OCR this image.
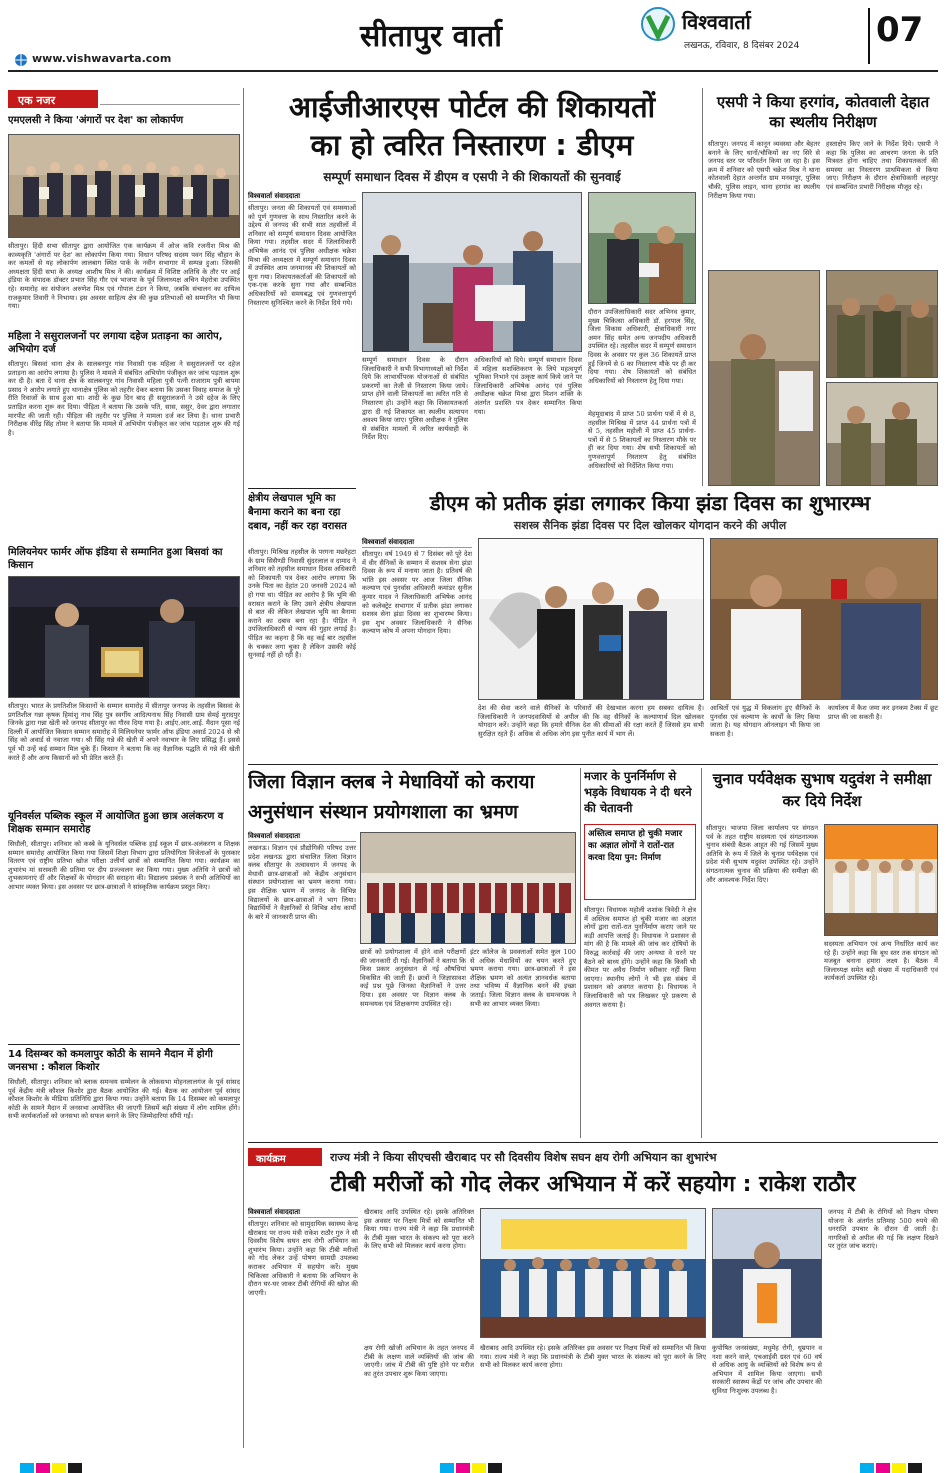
सीतापुर वार्ता	विश्ववार्ता
लखनऊ, रविवार, 8 दिसंबर 2024 07
www.vishwavarta.com
एक नजर
एमएलसी ने किया 'अंगारों पर देश' का लोकार्पण
सीतापुर। हिंदी सभा सीतापुर द्वारा आयोजित एक कार्यक्रम में ओज कवि रजनीश मिश्र की काव्यकृति 'अंगारों पर देश' का लोकार्पण किया गया। विधान परिषद सदस्य पवन सिंह चौहान के कर कमलों से यह लोकार्पण लालबाग स्थित पार्क के नवीन सभागार में सम्पन्न हुआ। जिसकी अध्यक्षता हिंदी सभा के अध्यक्ष आशीष मिश्र ने की। कार्यक्रम में विशिष्ट अतिथि के तौर पर आईं इंडिया के संपादक डॉक्टर प्रभात सिंह गौर एवं भाजपा के पूर्व जिलाध्यक्ष अचिन मेहरोत्रा उपस्थित रहे। समारोह का संयोजन अरुणेश मिश्र एवं गोपाल टंडन ने किया, जबकि संचालन का दायित्व राजकुमार तिवारी ने निभाया। इस अवसर साहित्य क्षेत्र की कुछ प्रतिभाओं को सम्मानित भी किया गया।
महिला ने ससुरालजनों पर लगाया दहेज प्रताड़ना का आरोप, अभियोग दर्ज
सीतापुर। बिसवां थाना क्षेत्र के सालबनपुर गांव निवासी एक महिला ने ससुरालजनों पर दहेज प्रताड़ना का आरोप लगाया है। पुलिस ने मामले में संबंधित अभियोग पंजीकृत कर जांच पड़ताल शुरू कर दी है। बता दें थाना क्षेत्र के सालबनपुर गांव निवासी महिला पुत्री पत्नी राजाराम पुत्री बापमा प्रसाद ने आरोप लगाते हुए थानाक्षेत्र पुलिस को तहरीर देकर बताया कि उसका विवाह समाज के पूरे रीति रिवाजों के साथ हुआ था। शादी के कुछ दिन बाद ही ससुरालजनों ने उसे दहेज के लिए प्रताड़ित करना शुरू कर दिया। पीड़िता ने बताया कि उसके पति, सास, ससुर, देवर द्वारा लगातार मारपीट की जाती रही। पीड़िता की तहरीर पर पुलिस ने मामला दर्ज कर लिया है। थाना प्रभारी निरीक्षक वीरेंद्र सिंह तोमर ने बताया कि मामले में अभियोग पंजीकृत कर जांच पड़ताल शुरू की गई है।
मिलियनेयर फार्मर ऑफ इंडिया से सम्मानित हुआ बिसवां का किसान
सीतापुर। भारत के प्रगतिशील किसानों के सम्मान समारोह में सीतापुर जनपद के तहसील बिसवां के प्रगतिशील गन्ना कृषक हिमांशु नाथ सिंह पुत्र स्वर्गीय आदित्यनाथ सिंह निवासी ग्राम सेमई मुरादपुर जिनके द्वारा गन्ना खेती को जनपद सीतापुर का गौरव दिया गया है। आईए.आर.आई. मैदान पूसा नई दिल्ली में आयोजित किसान सम्मान समारोह में मिलियनेयर फार्मर ऑफ इंडिया अवार्ड 2024 से श्री सिंह को अवार्ड से नवाजा गया। श्री सिंह गन्ने की खेती में अपने नवाचार के लिए प्रसिद्ध हैं। इससे पूर्व भी उन्हें कई सम्मान मिल चुके हैं। किसान ने बताया कि वह वैज्ञानिक पद्धति से गन्ने की खेती करते हैं और अन्य किसानों को भी प्रेरित करते हैं।
यूनिवर्सल पब्लिक स्कूल में आयोजित हुआ छात्र अलंकरण व शिक्षक सम्मान समारोह
सिधौली, सीतापुर। शनिवार को कस्बे के यूनिवर्सल पब्लिक हाई स्कूल में छात्र-अलंकरण व शिक्षक सम्मान समारोह आयोजित किया गया जिसमें शिक्षा विभाग द्वारा प्रतियोगिता विजेताओं के पुरस्कार वितरण एवं राष्ट्रीय प्रतिभा खोज परीक्षा उत्तीर्ण छात्रों को सम्मानित किया गया। कार्यक्रम का शुभारंभ मां सरस्वती की प्रतिमा पर दीप प्रज्ज्वलन कर किया गया। मुख्य अतिथि ने छात्रों को शुभकामनाएं दीं और शिक्षकों के योगदान की सराहना की। विद्यालय प्रबंधक ने सभी अतिथियों का आभार व्यक्त किया। इस अवसर पर छात्र-छात्राओं ने सांस्कृतिक कार्यक्रम प्रस्तुत किए।
14 दिसम्बर को कमलापुर कोठी के सामने मैदान में होगी जनसभा : कौशल किशोर
सिधौली, सीतापुर। शनिवार को ब्लाक समन्वय सम्मेलन के लोकसभा मोहनलालगंज के पूर्व सांसद पूर्व केंद्रीय मंत्री कौशल किशोर द्वारा बैठक आयोजित की गई। बैठक का आयोजन पूर्व सांसद कौशल किशोर के मीडिया प्रतिनिधि द्वारा किया गया। उन्होंने बताया कि 14 दिसम्बर को कमलापुर कोठी के सामने मैदान में जनसभा आयोजित की जाएगी जिसमें बड़ी संख्या में लोग शामिल होंगे। सभी कार्यकर्ताओं को जनसभा को सफल बनाने के लिए जिम्मेदारियां सौंपी गईं।
आईजीआरएस पोर्टल की शिकायतों
का हो त्वरित निस्तारण : डीएम
सम्पूर्ण समाधान दिवस में डीएम व एसपी ने की शिकायतों की सुनवाई
विश्ववार्ता संवाददाता
सीतापुर। जनता की शिकायतों एवं समस्याओं को पूर्ण गुणवत्ता के साथ निस्तारित करने के उद्देश्य से जनपद की सभी सात तहसीलों में शनिवार को सम्पूर्ण समाधान दिवस आयोजित किया गया। तहसील सदर में जिलाधिकारी अभिषेक आनंद एवं पुलिस अधीक्षक चक्रेश मिश्रा की अध्यक्षता में सम्पूर्ण समाधान दिवस में उपस्थित आम जनमानस की शिकायतों को सुना गया। शिकायतकर्ताओं की शिकायतों को एक-एक करके सुना गया और सम्बन्धित अधिकारियों को समयबद्ध एवं गुणवत्तापूर्ण निस्तारण सुनिश्चित करने के निर्देश दिये गये।
सम्पूर्ण समाधान दिवस के दौरान जिलाधिकारी ने सभी विभागाध्यक्षों को निर्देश दिये कि लाभार्थीपरक योजनाओं से संबंधित प्रकरणों का तेजी से निस्तारण किया जाये। प्राप्त होने वाली शिकायतों का त्वरित गति से निस्तारण हो। उन्होंने कहा कि शिकायतकर्ता द्वारा दी गई शिकायत का स्थलीय सत्यापन अवश्य किया जाए। पुलिस अधीक्षक ने पुलिस से संबंधित मामलों में त्वरित कार्यवाही के निर्देश दिए।
अधिकारियों को दिये। सम्पूर्ण समाधान दिवस में महिला सशक्तिकरण के लिये महत्वपूर्ण भूमिका निभाने एवं उत्कृष्ट कार्य किये जाने पर जिलाधिकारी अभिषेक आनंद एवं पुलिस अधीक्षक चक्रेश मिश्रा द्वारा मिशन शक्ति के अंतर्गत प्रशस्ति पत्र देकर सम्मानित किया गया।
दौरान उपजिलाधिकारी सदर अभिनव कुमार, मुख्य चिकित्सा अधिकारी डॉ. हरपाल सिंह, जिला विकास अधिकारी, क्षेत्राधिकारी नगर अमन सिंह समेत अन्य जनपदीय अधिकारी उपस्थित रहे। तहसील सदर में सम्पूर्ण समाधान दिवस के अवसर पर कुल 36 शिकायतें प्राप्त हुईं जिनमें से 6 का निस्तारण मौके पर ही कर दिया गया। शेष शिकायतों को संबंधित अधिकारियों को निस्तारण हेतु दिया गया।
मेहमूदाबाद में प्राप्त 50 प्रार्थना पत्रों में से 8, तहसील मिश्रिख में प्राप्त 44 प्रार्थना पत्रों में से 5, तहसील महोली में प्राप्त 45 प्रार्थना-पत्रों में से 5 शिकायतों का निस्तारण मौके पर ही कर दिया गया। शेष सभी शिकायतों को गुणवत्तापूर्ण निस्तारण हेतु संबंधित अधिकारियों को निर्देशित किया गया।
क्षेत्रीय लेखपाल भूमि का बैनामा कराने का बना रहा दबाव, नहीं कर रहा वरासत
सीतापुर। मिश्रिख तहसील के परगना मछरेहटा के ग्राम सिसैण्डी निवासी सुंदरलाल व दामाद ने शनिवार को तहसील समाधान दिवस अधिकारी को शिकायती पत्र देकर आरोप लगाया कि उनके पिता का देहांत 20 जनवरी 2024 को हो गया था। पीड़ित का आरोप है कि भूमि की वरासत कराने के लिए उसने क्षेत्रीय लेखपाल से बात की लेकिन लेखपाल भूमि का बैनामा कराने का दबाव बना रहा है। पीड़ित ने उपजिलाधिकारी से न्याय की गुहार लगाई है। पीड़ित का कहना है कि वह कई बार तहसील के चक्कर लगा चुका है लेकिन उसकी कोई सुनवाई नहीं हो रही है।
एसपी ने किया हरगांव, कोतवाली देहात का स्थलीय निरीक्षण
सीतापुर। जनपद में कानून व्यवस्था और बेहतर बनाने के लिए थानों/चौकियों का नए सिरे से जनपद स्तर पर परिवर्तन किया जा रहा है। इस क्रम में शनिवार को एसपी चक्रेश मिश्र ने थाना कोतवाली देहात अन्तर्गत ग्राम मनवापुर, पुलिस चौकी, पुलिस लाइन, थाना हरगांव का स्थलीय निरीक्षण किया गया।
हस्ताक्षेप किए जाने के निर्देश दिये। एसपी ने कहा कि पुलिस का आचरण जनता के प्रति मित्रवत होना चाहिए तथा शिकायतकर्ता की समस्या का निस्तारण प्राथमिकता से किया जाए। निरीक्षण के दौरान क्षेत्राधिकारी लहरपुर एवं सम्बन्धित प्रभारी निरीक्षक मौजूद रहे।
डीएम को प्रतीक झंडा लगाकर किया झंडा दिवस का शुभारम्भ
सशस्त्र सैनिक झंडा दिवस पर दिल खोलकर योगदान करने की अपील
विश्ववार्ता संवाददाता
सीतापुर। वर्ष 1949 से 7 दिसंबर को पूरे देश में वीर सैनिकों के सम्मान में सशस्त्र सेना झंडा दिवस के रूप में मनाया जाता है। प्रतिवर्ष की भांति इस अवसर पर आज जिला सैनिक कल्याण एवं पुनर्वास अधिकारी कमांडर सुनील कुमार यादव ने जिलाधिकारी अभिषेक आनंद को कलेक्ट्रेट सभागार में प्रतीक झंडा लगाकर सशस्त्र सेना झंडा दिवस का शुभारम्भ किया। इस शुभ अवसर जिलाधिकारी ने सैनिक कल्याण कोष में अपना योगदान दिया।
देश की सेवा करने वाले सैनिकों के परिवारों की देखभाल करना हम सबका दायित्व है। जिलाधिकारी ने जनपदवासियों से अपील की कि वह सैनिकों के कल्याणार्थ दिल खोलकर योगदान करें। उन्होंने कहा कि हमारे सैनिक देश की सीमाओं की रक्षा करते हैं जिससे हम सभी सुरक्षित रहते हैं। अधिक से अधिक लोग इस पुनीत कार्य में भाग लें।
आश्रितों एवं युद्ध में विकलांग हुए सैनिकों के पुनर्वास एवं कल्याण के कार्यों के लिए किया जाता है। यह योगदान ऑनलाइन भी किया जा सकता है।
कार्यालय में कैश जमा कर इनकम टैक्स में छूट प्राप्त की जा सकती है।
जिला विज्ञान क्लब ने मेधावियों को कराया
अनुसंधान संस्थान प्रयोगशाला का भ्रमण
विश्ववार्ता संवाददाता
लखनऊ। विज्ञान एवं प्रौद्योगिकी परिषद उत्तर प्रदेश लखनऊ द्वारा संचालित जिला विज्ञान क्लब सीतापुर के तत्वावधान में जनपद के मेधावी छात्र-छात्राओं को केंद्रीय अनुसंधान संस्थान प्रयोगशाला का भ्रमण कराया गया। इस शैक्षिक भ्रमण में जनपद के विभिन्न विद्यालयों के छात्र-छात्राओं ने भाग लिया। विद्यार्थियों ने वैज्ञानिकों से विभिन्न शोध कार्यों के बारे में जानकारी प्राप्त की।
छात्रों को प्रयोगशाला में होने वाले परीक्षणों की जानकारी दी गई। वैज्ञानिकों ने बताया कि किस प्रकार अनुसंधान से नई औषधियां विकसित की जाती हैं। छात्रों ने जिज्ञासावश कई प्रश्न पूछे जिनका वैज्ञानिकों ने उत्तर दिया। इस अवसर पर विज्ञान क्लब के समन्वयक एवं शिक्षकगण उपस्थित रहे।
इंटर कॉलेज के प्रवक्ताओं समेत कुल 100 से अधिक मेधावियों का चयन करते हुए भ्रमण कराया गया। छात्र-छात्राओं ने इस शैक्षिक भ्रमण को अत्यंत ज्ञानवर्धक बताया तथा भविष्य में वैज्ञानिक बनने की इच्छा जताई। जिला विज्ञान क्लब के समन्वयक ने सभी का आभार व्यक्त किया।
मजार के पुनर्निर्माण से भड़के विधायक ने दी धरने की चेतावनी
अस्तित्व समाप्त हो चुकी मजार का अज्ञात लोगों ने रातों-रात करवा दिया पुन: निर्माण
सीतापुर। विधायक महोली शशांक त्रिवेदी ने क्षेत्र में अस्तित्व समाप्त हो चुकी मजार का अज्ञात लोगों द्वारा रातों-रात पुनर्निर्माण कराए जाने पर कड़ी आपत्ति जताई है। विधायक ने प्रशासन से मांग की है कि मामले की जांच कर दोषियों के विरुद्ध कार्रवाई की जाए अन्यथा वे धरने पर बैठने को बाध्य होंगे। उन्होंने कहा कि किसी भी कीमत पर अवैध निर्माण स्वीकार नहीं किया जाएगा। स्थानीय लोगों ने भी इस संबंध में प्रशासन को अवगत कराया है। विधायक ने जिलाधिकारी को पत्र लिखकर पूरे प्रकरण से अवगत कराया है।
चुनाव पर्यवेक्षक सुभाष यदुवंश ने समीक्षा कर दिये निर्देश
सीतापुर। भाजपा जिला कार्यालय पर संगठन पर्व के तहत राष्ट्रीय सदस्यता एवं संगठनात्मक चुनाव संबंधी बैठक आहूत की गई जिसमें मुख्य अतिथि के रूप में जिले के चुनाव पर्यवेक्षक एवं प्रदेश मंत्री सुभाष यदुवंश उपस्थित रहे। उन्होंने संगठनात्मक चुनाव की प्रक्रिया की समीक्षा की और आवश्यक निर्देश दिए।
सदस्यता अभियान एवं अन्य निर्धारित कार्य कर रहे हैं। उन्होंने कहा कि बूथ स्तर तक संगठन को मजबूत बनाना हमारा लक्ष्य है। बैठक में जिलाध्यक्ष समेत बड़ी संख्या में पदाधिकारी एवं कार्यकर्ता उपस्थित रहे।
कार्यक्रम	राज्य मंत्री ने किया सीएचसी खैराबाद पर सौ दिवसीय विशेष सघन क्षय रोगी अभियान का शुभारंभ
टीबी मरीजों को गोद लेकर अभियान में करें सहयोग : राकेश राठौर
विश्ववार्ता संवाददाता
सीतापुर। शनिवार को सामुदायिक स्वास्थ्य केन्द्र खैराबाद पर राज्य मंत्री राकेश राठौर गुरु ने सौ दिवसीय विशेष सघन क्षय रोगी अभियान का शुभारंभ किया। उन्होंने कहा कि टीबी मरीजों को गोद लेकर उन्हें पोषण सामग्री उपलब्ध कराकर अभियान में सहयोग करें। मुख्य चिकित्सा अधिकारी ने बताया कि अभियान के दौरान घर-घर जाकर टीबी रोगियों की खोज की जाएगी।
खैराबाद आदि उपस्थित रहे। इसके अतिरिक्त इस अवसर पर निक्षय मित्रों को सम्मानित भी किया गया। राज्य मंत्री ने कहा कि प्रधानमंत्री के टीबी मुक्त भारत के संकल्प को पूरा करने के लिए सभी को मिलकर कार्य करना होगा।
क्षय रोगी खोजी अभियान के तहत जनपद में टीबी के लक्षण वाले व्यक्तियों की जांच की जाएगी। जांच में टीबी की पुष्टि होने पर मरीज का तुरंत उपचार शुरू किया जाएगा।
कुपोषित जनसंख्या, मधुमेह रोगी, धूम्रपान व नशा करने वाले, एचआईवी ग्रस्त एवं 60 वर्ष से अधिक आयु के व्यक्तियों को विशेष रूप से अभियान में शामिल किया जाएगा। सभी सरकारी स्वास्थ्य केंद्रों पर जांच और उपचार की सुविधा निःशुल्क उपलब्ध है।
जनपद में टीबी के रोगियों को निक्षय पोषण योजना के अंतर्गत प्रतिमाह 500 रुपये की धनराशि उपचार के दौरान दी जाती है। नागरिकों से अपील की गई कि लक्षण दिखने पर तुरंत जांच कराएं।
खैराबाद आदि उपस्थित रहे। इसके अतिरिक्त इस अवसर पर निक्षय मित्रों को सम्मानित भी किया गया। राज्य मंत्री ने कहा कि प्रधानमंत्री के टीबी मुक्त भारत के संकल्प को पूरा करने के लिए सभी को मिलकर कार्य करना होगा।
